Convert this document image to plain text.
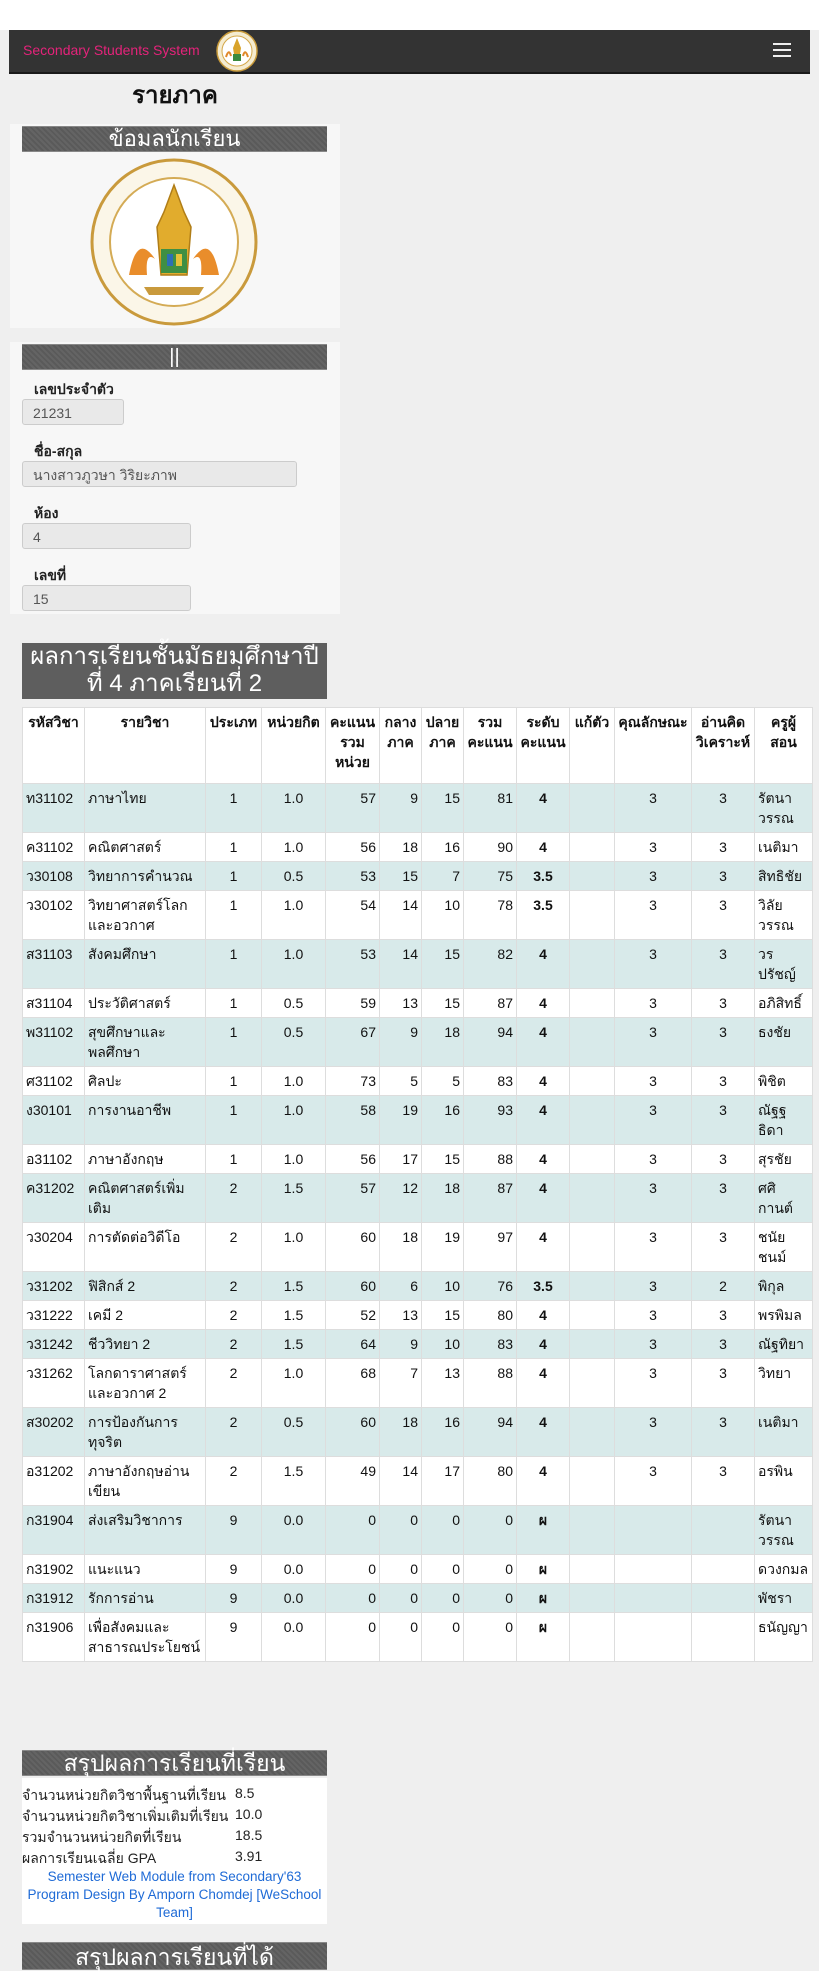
Secondary Students System
รายภาค
ข้อมลนักเรียน
||
เลขประจำตัว
21231
ชื่อ-สกุล
นางสาวภูวษา วิริยะภาพ
ห้อง
4
เลขที่
15
ผลการเรียนชั้นมัธยมศึกษาปี
ที่ 4 ภาคเรียนที่ 2
รหัสวิชา	รายวิชา	ประเภท	หน่วยกิต	คะแนนรวมหน่วย	กลางภาค	ปลายภาค	รวมคะแนน	ระดับคะแนน	แก้ตัว	คุณลักษณะ	อ่านคิดวิเคราะห์	ครูผู้สอน
ท31102	ภาษาไทย	1	1.0	57	9	15	81	4		3	3	รัตนาวรรณ
ค31102	คณิตศาสตร์	1	1.0	56	18	16	90	4		3	3	เนติมา
ว30108	วิทยาการคำนวณ	1	0.5	53	15	7	75	3.5		3	3	สิทธิชัย
ว30102	วิทยาศาสตร์โลกและอวกาศ	1	1.0	54	14	10	78	3.5		3	3	วิลัยวรรณ
ส31103	สังคมศึกษา	1	1.0	53	14	15	82	4		3	3	วรปรัชญ์
ส31104	ประวัติศาสตร์	1	0.5	59	13	15	87	4		3	3	อภิสิทธิ์
พ31102	สุขศึกษาและพลศึกษา	1	0.5	67	9	18	94	4		3	3	ธงชัย
ศ31102	ศิลปะ	1	1.0	73	5	5	83	4		3	3	พิชิต
ง30101	การงานอาชีพ	1	1.0	58	19	16	93	4		3	3	ณัฐฐธิดา
อ31102	ภาษาอังกฤษ	1	1.0	56	17	15	88	4		3	3	สุรชัย
ค31202	คณิตศาสตร์เพิ่มเติม	2	1.5	57	12	18	87	4		3	3	ศศิกานต์
ว30204	การตัดต่อวิดีโอ	2	1.0	60	18	19	97	4		3	3	ชนัยชนม์
ว31202	ฟิสิกส์ 2	2	1.5	60	6	10	76	3.5		3	2	พิกุล
ว31222	เคมี 2	2	1.5	52	13	15	80	4		3	3	พรพิมล
ว31242	ชีววิทยา 2	2	1.5	64	9	10	83	4		3	3	ณัฐทิยา
ว31262	โลกดาราศาสตร์และอวกาศ 2	2	1.0	68	7	13	88	4		3	3	วิทยา
ส30202	การป้องกันการทุจริต	2	0.5	60	18	16	94	4		3	3	เนติมา
อ31202	ภาษาอังกฤษอ่านเขียน	2	1.5	49	14	17	80	4		3	3	อรพิน
ก31904	ส่งเสริมวิชาการ	9	0.0	0	0	0	0	ผ				รัตนาวรรณ
ก31902	แนะแนว	9	0.0	0	0	0	0	ผ				ดวงกมล
ก31912	รักการอ่าน	9	0.0	0	0	0	0	ผ				พัชรา
ก31906	เพื่อสังคมและสาธารณประโยชน์	9	0.0	0	0	0	0	ผ				ธนัญญา
สรุปผลการเรียนที่เรียน
จำนวนหน่วยกิตวิชาพื้นฐานที่เรียน 8.5
จำนวนหน่วยกิตวิชาเพิ่มเติมที่เรียน 10.0
รวมจำนวนหน่วยกิตที่เรียน	18.5
ผลการเรียนเฉลี่ย GPA	3.91
Semester Web Module from Secondary'63
Program Design By Amporn Chomdej [WeSchool
Team]
สรุปผลการเรียนที่ได้
